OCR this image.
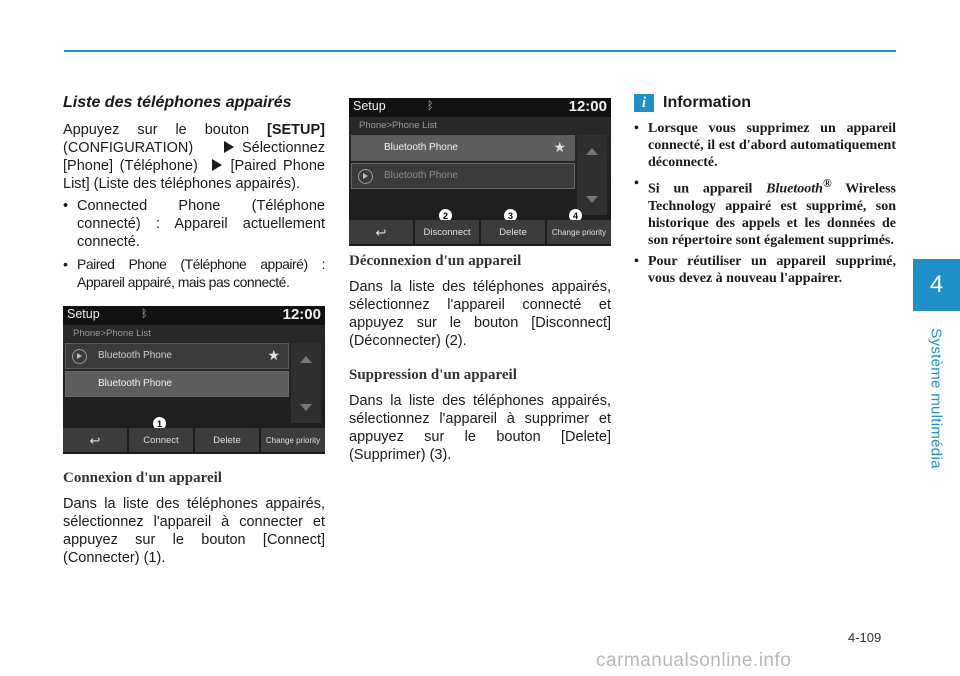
4
Système multimédia
Liste des téléphones appairés

Appuyez sur le bouton [SETUP] (CONFIGURATION) Sélectionnez [Phone] (Téléphone) [Paired Phone List] (Liste des téléphones appairés).

• Connected Phone (Téléphone connecté) : Appareil actuellement connecté.
• Paired Phone (Téléphone appairé) : Appareil appairé, mais pas connecté.
Setup	ᛒ	12:00
Phone>Phone List
Bluetooth Phone	★
Bluetooth Phone
1
↩	Connect	Delete	Change priority
Connexion d'un appareil

Dans la liste des téléphones appairés, sélectionnez l'appareil à connecter et appuyez sur le bouton [Connect] (Connecter) (1).

Setup	ᛒ	12:00
Phone>Phone List
Bluetooth Phone	★
Bluetooth Phone
2	3	4
↩	Disconnect	Delete	Change priority
Déconnexion d'un appareil

Dans la liste des téléphones appairés, sélectionnez l'appareil connecté et appuyez sur le bouton [Disconnect] (Déconnecter) (2).

Suppression d'un appareil

Dans la liste des téléphones appairés, sélectionnez l'appareil à supprimer et appuyez sur le bouton [Delete] (Supprimer) (3).

i	Information
• Lorsque vous supprimez un appareil connecté, il est d'abord automatiquement déconnecté.
• Si un appareil Bluetooth® Wireless Technology appairé est supprimé, son historique des appels et les données de son répertoire sont également supprimés.
• Pour réutiliser un appareil supprimé, vous devez à nouveau l'appairer.
4-109
carmanualsonline.info
